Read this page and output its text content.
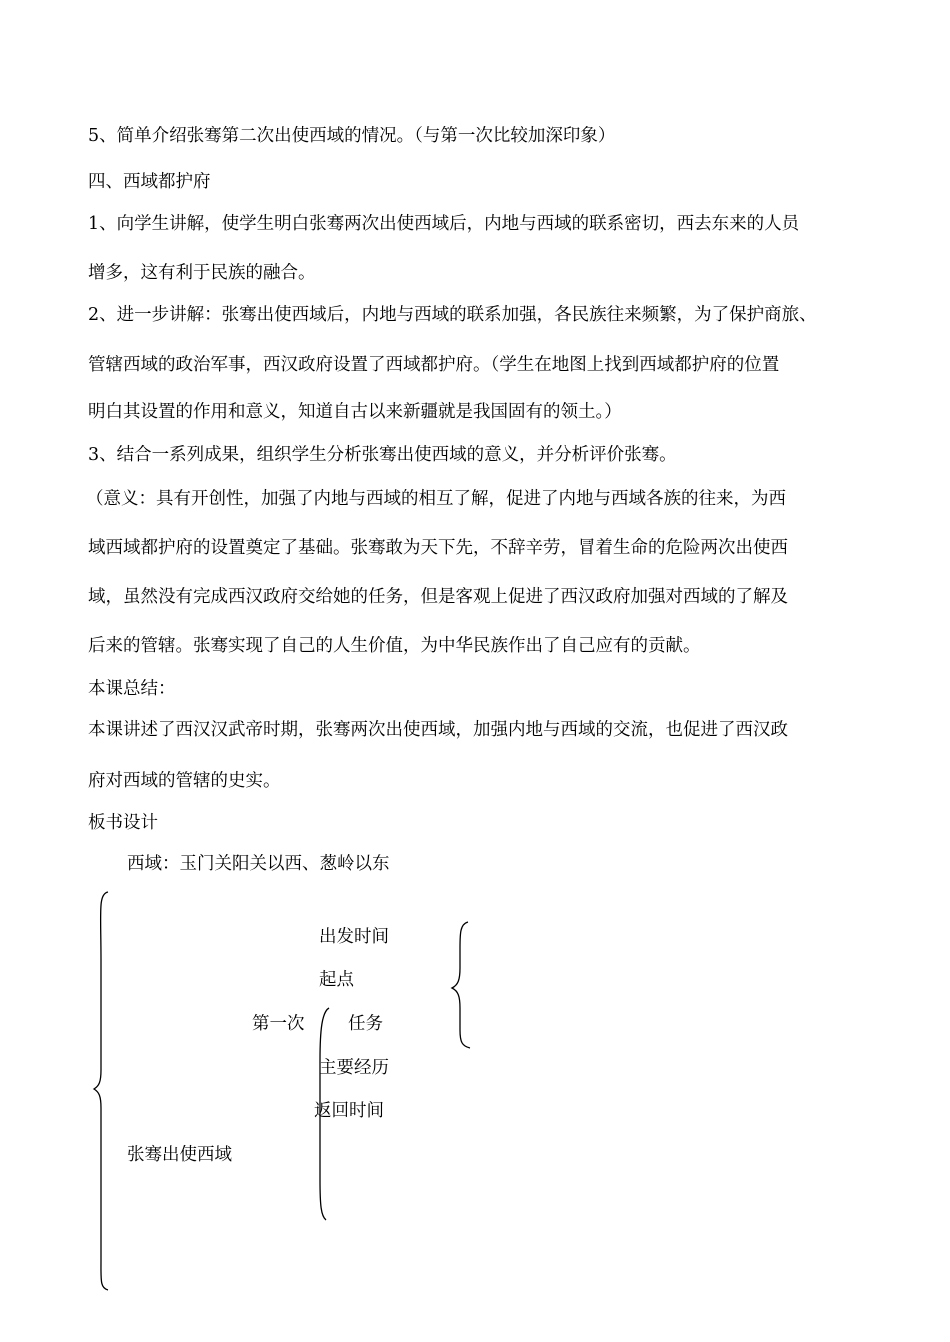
5、简单介绍张骞第二次出使西域的情况。（与第一次比较加深印象）
四、西域都护府
1、向学生讲解，使学生明白张骞两次出使西域后，内地与西域的联系密切，西去东来的人员
增多，这有利于民族的融合。
2、进一步讲解：张骞出使西域后，内地与西域的联系加强，各民族往来频繁，为了保护商旅、
管辖西域的政治军事，西汉政府设置了西域都护府。（学生在地图上找到西域都护府的位置
明白其设置的作用和意义，知道自古以来新疆就是我国固有的领土。）
3、结合一系列成果，组织学生分析张骞出使西域的意义，并分析评价张骞。
（意义：具有开创性，加强了内地与西域的相互了解，促进了内地与西域各族的往来，为西
域西域都护府的设置奠定了基础。张骞敢为天下先，不辞辛劳，冒着生命的危险两次出使西
域，虽然没有完成西汉政府交给她的任务，但是客观上促进了西汉政府加强对西域的了解及
后来的管辖。张骞实现了自己的人生价值，为中华民族作出了自己应有的贡献。
本课总结：
本课讲述了西汉汉武帝时期，张骞两次出使西域，加强内地与西域的交流，也促进了西汉政
府对西域的管辖的史实。
板书设计
西域：玉门关阳关以西、葱岭以东
出发时间
起点
第一次 任务
主要经历
返回时间
张骞出使西域
